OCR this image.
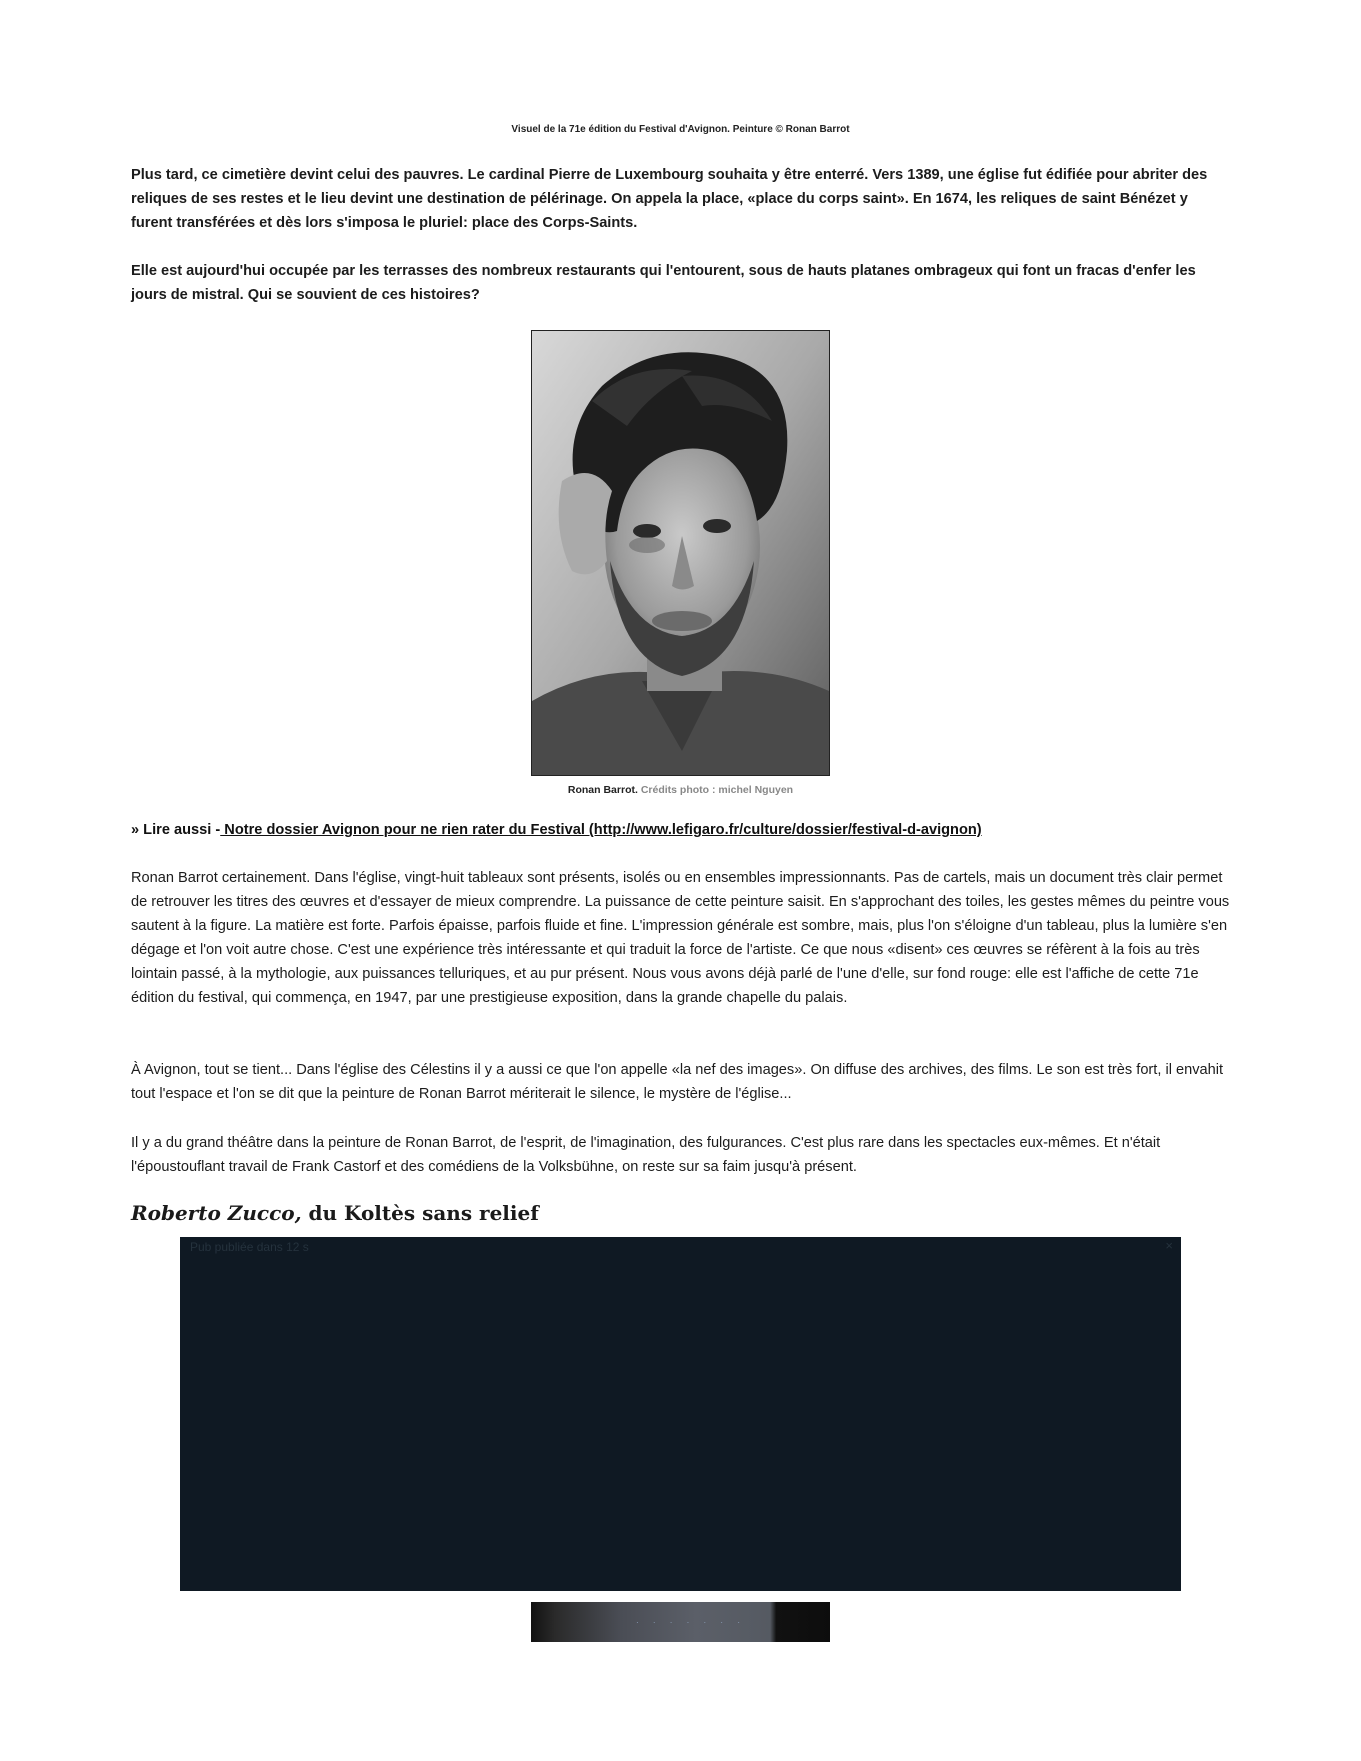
Visuel de la 71e édition du Festival d'Avignon. Peinture © Ronan Barrot

Plus tard, ce cimetière devint celui des pauvres. Le cardinal Pierre de Luxembourg souhaita y être enterré. Vers 1389, une église fut édifiée pour abriter des reliques de ses restes et le lieu devint une destination de pélérinage. On appela la place, «place du corps saint». En 1674, les reliques de saint Bénézet y furent transférées et dès lors s'imposa le pluriel: place des Corps-Saints.

Elle est aujourd'hui occupée par les terrasses des nombreux restaurants qui l'entourent, sous de hauts platanes ombrageux qui font un fracas d'enfer les jours de mistral. Qui se souvient de ces histoires?

Ronan Barrot. Crédits photo : michel Nguyen
» Lire aussi - Notre dossier Avignon pour ne rien rater du Festival (http://www.lefigaro.fr/culture/dossier/festival-d-avignon)

Ronan Barrot certainement. Dans l'église, vingt-huit tableaux sont présents, isolés ou en ensembles impressionnants. Pas de cartels, mais un document très clair permet de retrouver les titres des œuvres et d'essayer de mieux comprendre. La puissance de cette peinture saisit. En s'approchant des toiles, les gestes mêmes du peintre vous sautent à la figure. La matière est forte. Parfois épaisse, parfois fluide et fine. L'impression générale est sombre, mais, plus l'on s'éloigne d'un tableau, plus la lumière s'en dégage et l'on voit autre chose. C'est une expérience très intéressante et qui traduit la force de l'artiste. Ce que nous «disent» ces œuvres se réfèrent à la fois au très lointain passé, à la mythologie, aux puissances telluriques, et au pur présent. Nous vous avons déjà parlé de l'une d'elle, sur fond rouge: elle est l'affiche de cette 71e édition du festival, qui commença, en 1947, par une prestigieuse exposition, dans la grande chapelle du palais.

À Avignon, tout se tient... Dans l'église des Célestins il y a aussi ce que l'on appelle «la nef des images». On diffuse des archives, des films. Le son est très fort, il envahit tout l'espace et l'on se dit que la peinture de Ronan Barrot mériterait le silence, le mystère de l'église...

Il y a du grand théâtre dans la peinture de Ronan Barrot, de l'esprit, de l'imagination, des fulgurances. C'est plus rare dans les spectacles eux-mêmes. Et n'était l'époustouflant travail de Frank Castorf et des comédiens de la Volksbühne, on reste sur sa faim jusqu'à présent.

Roberto Zucco, du Koltès sans relief
Pub publiée dans 12 s	×
· · · · · · ·
